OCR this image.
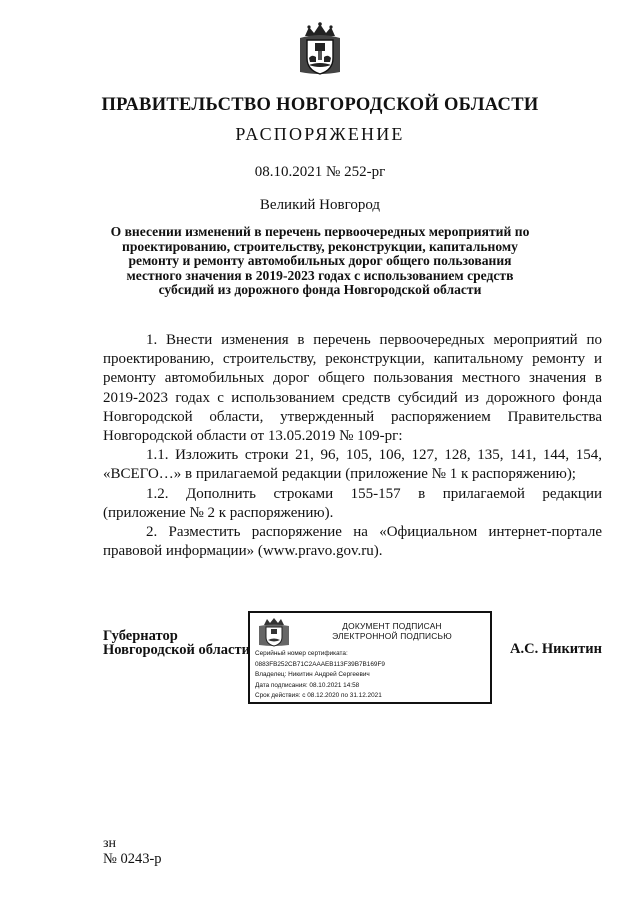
ПРАВИТЕЛЬСТВО НОВГОРОДСКОЙ ОБЛАСТИ
РАСПОРЯЖЕНИЕ
08.10.2021 № 252-рг
Великий Новгород
О внесении изменений в перечень первоочередных мероприятий по проектированию, строительству, реконструкции, капитальному ремонту и ремонту автомобильных дорог общего пользования местного значения в 2019-2023 годах с использованием средств субсидий из дорожного фонда Новгородской области

1. Внести изменения в перечень первоочередных мероприятий по проектированию, строительству, реконструкции, капитальному ремонту и ремонту автомобильных дорог общего пользования местного значения в 2019-2023 годах с использованием средств субсидий из дорожного фонда Новгородской области, утвержденный распоряжением Правительства Новгородской области от 13.05.2019 № 109-рг:

1.1. Изложить строки 21, 96, 105, 106, 127, 128, 135, 141, 144, 154, «ВСЕГО…» в прилагаемой редакции (приложение № 1 к распоряжению);

1.2. Дополнить строками 155-157 в прилагаемой редакции (приложение № 2 к распоряжению).

2. Разместить распоряжение на «Официальном интернет-портале правовой информации» (www.pravo.gov.ru).

Губернатор
Новгородской области
ДОКУМЕНТ ПОДПИСАН
ЭЛЕКТРОННОЙ ПОДПИСЬЮ
Серийный номер сертификата:
0883FB252CB71C2AAAEB113F39B7B169F9
Владелец: Никитин Андрей Сергеевич
Дата подписания: 08.10.2021 14:58
Срок действия: с 08.12.2020 по 31.12.2021
А.С. Никитин
зн
№ 0243-р
